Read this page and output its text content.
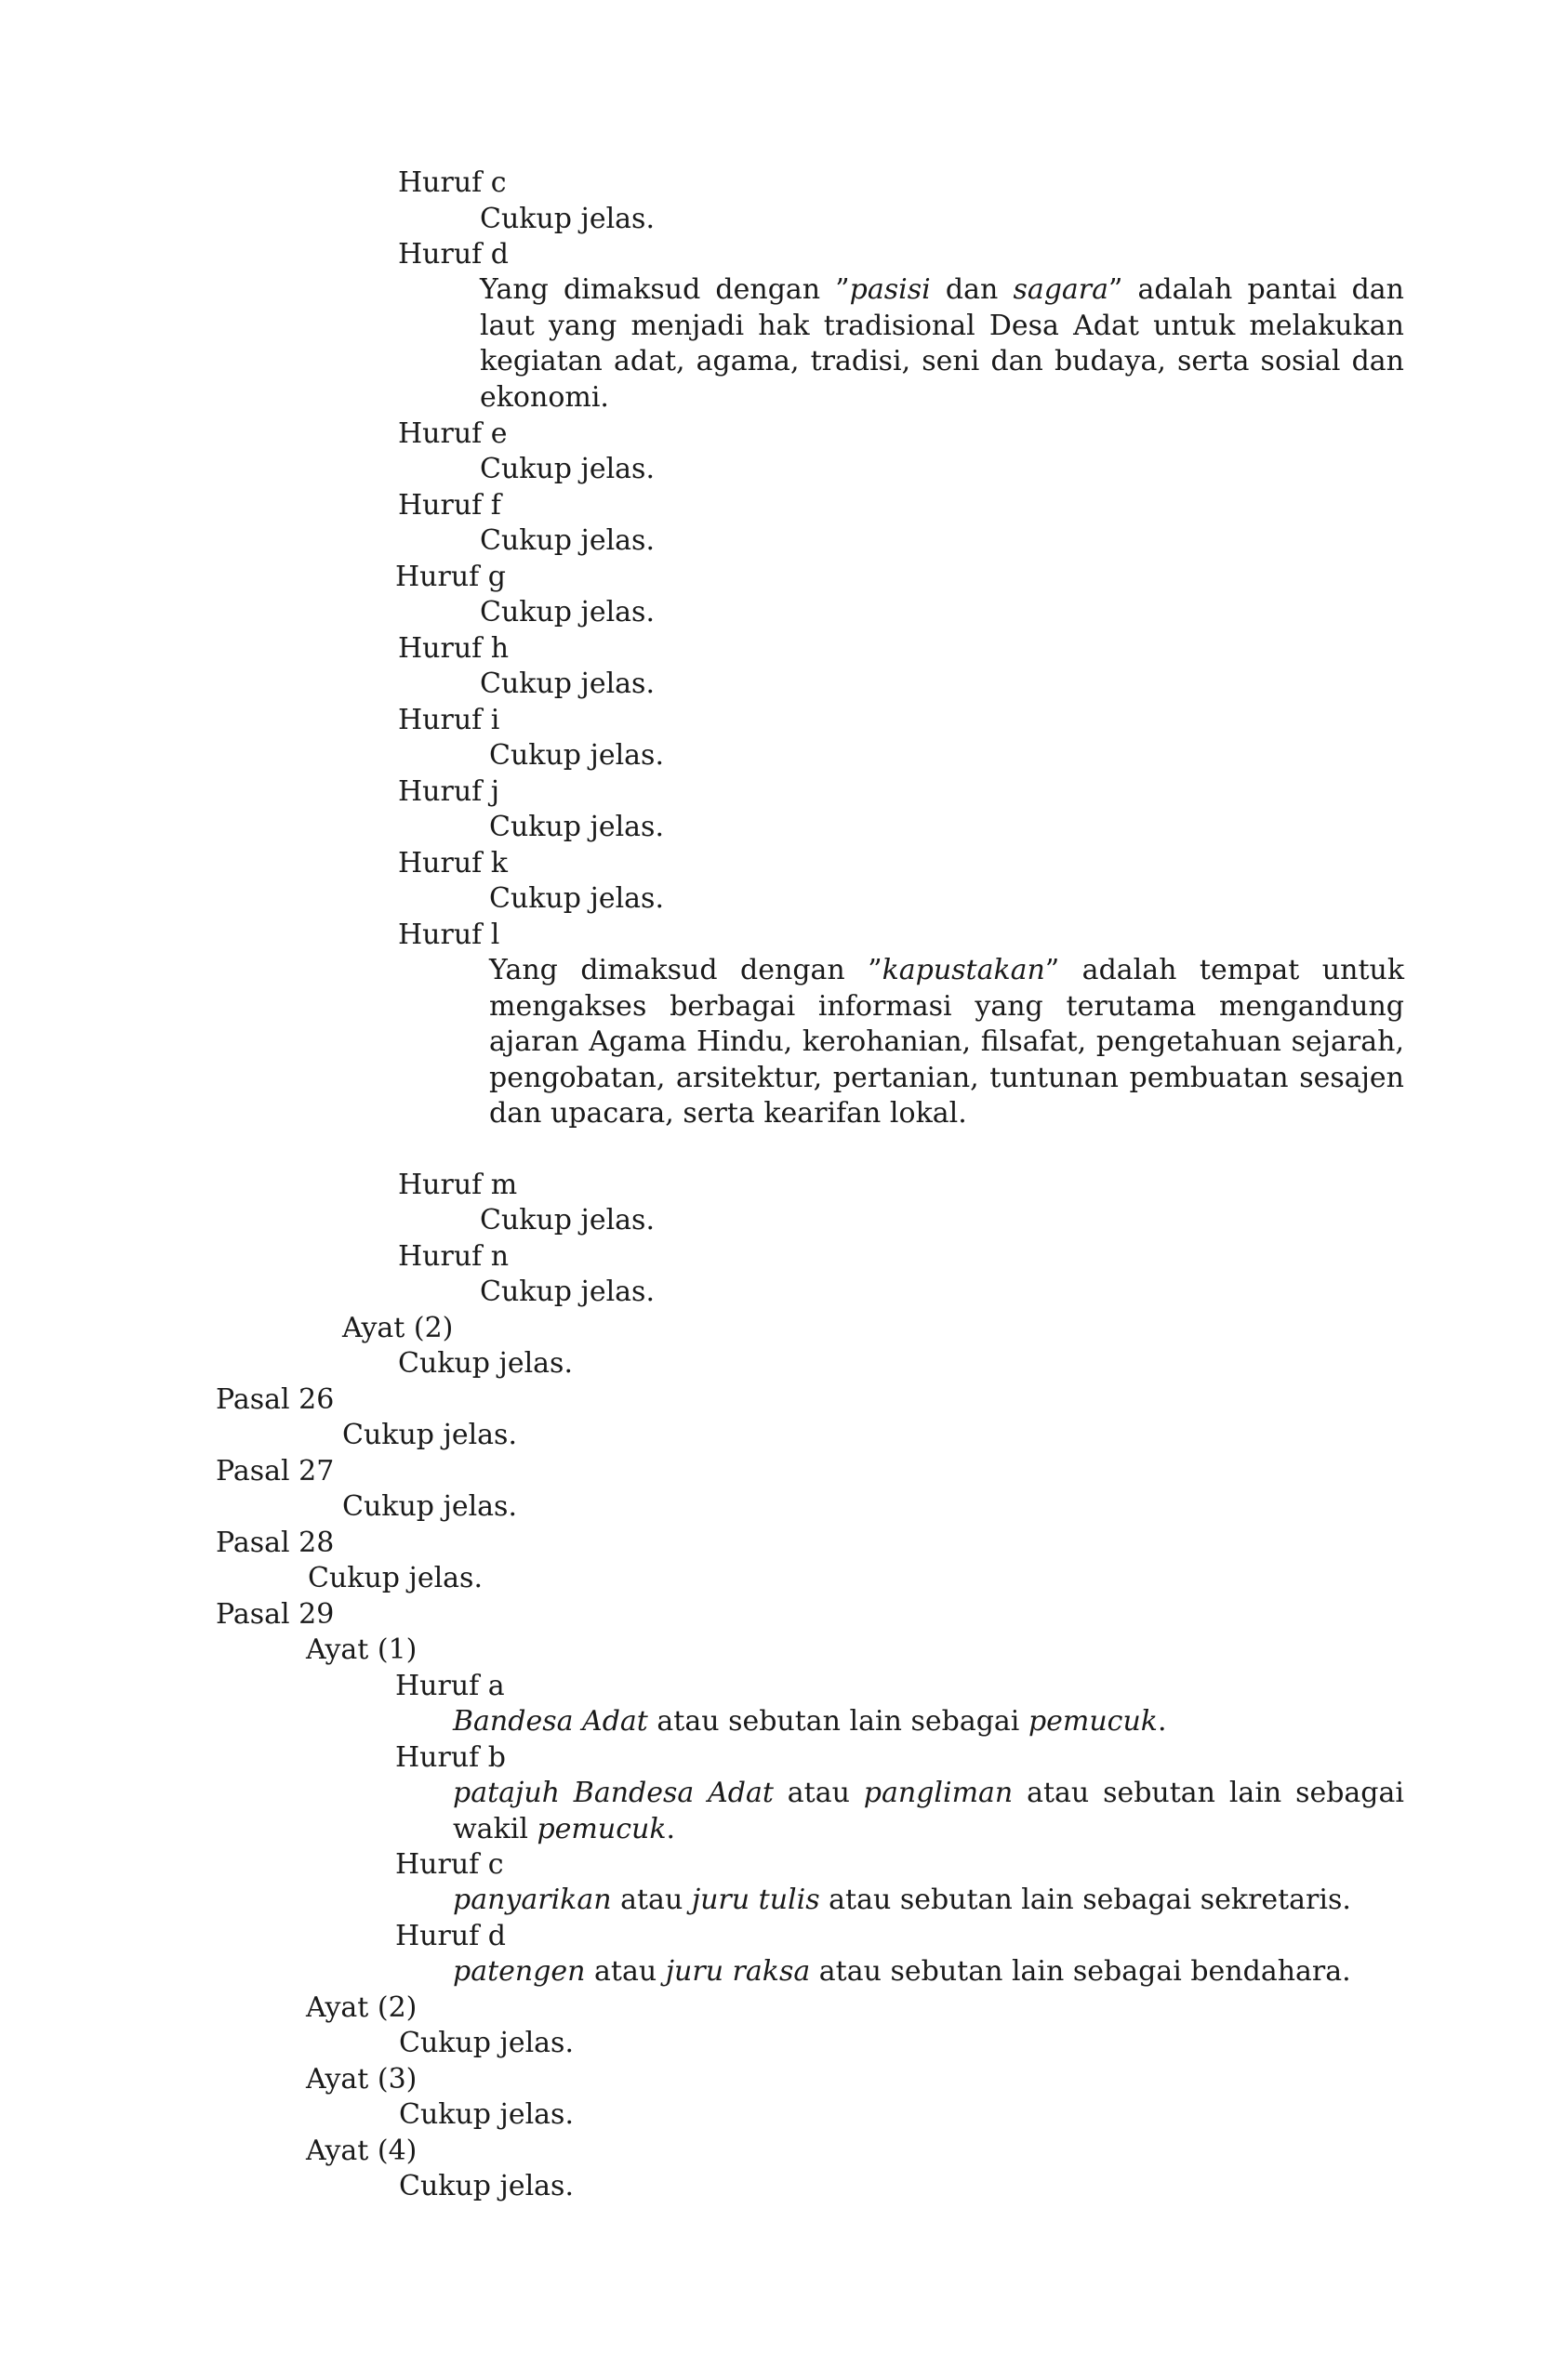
Huruf c
Cukup jelas.
Huruf d
Yang dimaksud dengan ”pasisi dan sagara” adalah pantai dan laut yang menjadi hak tradisional Desa Adat untuk melakukan kegiatan adat, agama, tradisi, seni dan budaya, serta sosial dan ekonomi.
Huruf e
Cukup jelas.
Huruf f
Cukup jelas.
Huruf g
Cukup jelas.
Huruf h
Cukup jelas.
Huruf i
Cukup jelas.
Huruf j
Cukup jelas.
Huruf k
Cukup jelas.
Huruf l
Yang dimaksud dengan ”kapustakan” adalah tempat untuk mengakses berbagai informasi yang terutama mengandung ajaran Agama Hindu, kerohanian, filsafat, pengetahuan sejarah, pengobatan, arsitektur, pertanian, tuntunan pembuatan sesajen dan upacara, serta kearifan lokal.
Huruf m
Cukup jelas.
Huruf n
Cukup jelas.
Ayat (2)
Cukup jelas.
Pasal 26
Cukup jelas.
Pasal 27
Cukup jelas.
Pasal 28
Cukup jelas.
Pasal 29
Ayat (1)
Huruf a
Bandesa Adat atau sebutan lain sebagai pemucuk.
Huruf b
patajuh Bandesa Adat atau pangliman atau sebutan lain sebagai wakil pemucuk.
Huruf c
panyarikan atau juru tulis atau sebutan lain sebagai sekretaris.
Huruf d
patengen atau juru raksa atau sebutan lain sebagai bendahara.
Ayat (2)
Cukup jelas.
Ayat (3)
Cukup jelas.
Ayat (4)
Cukup jelas.
